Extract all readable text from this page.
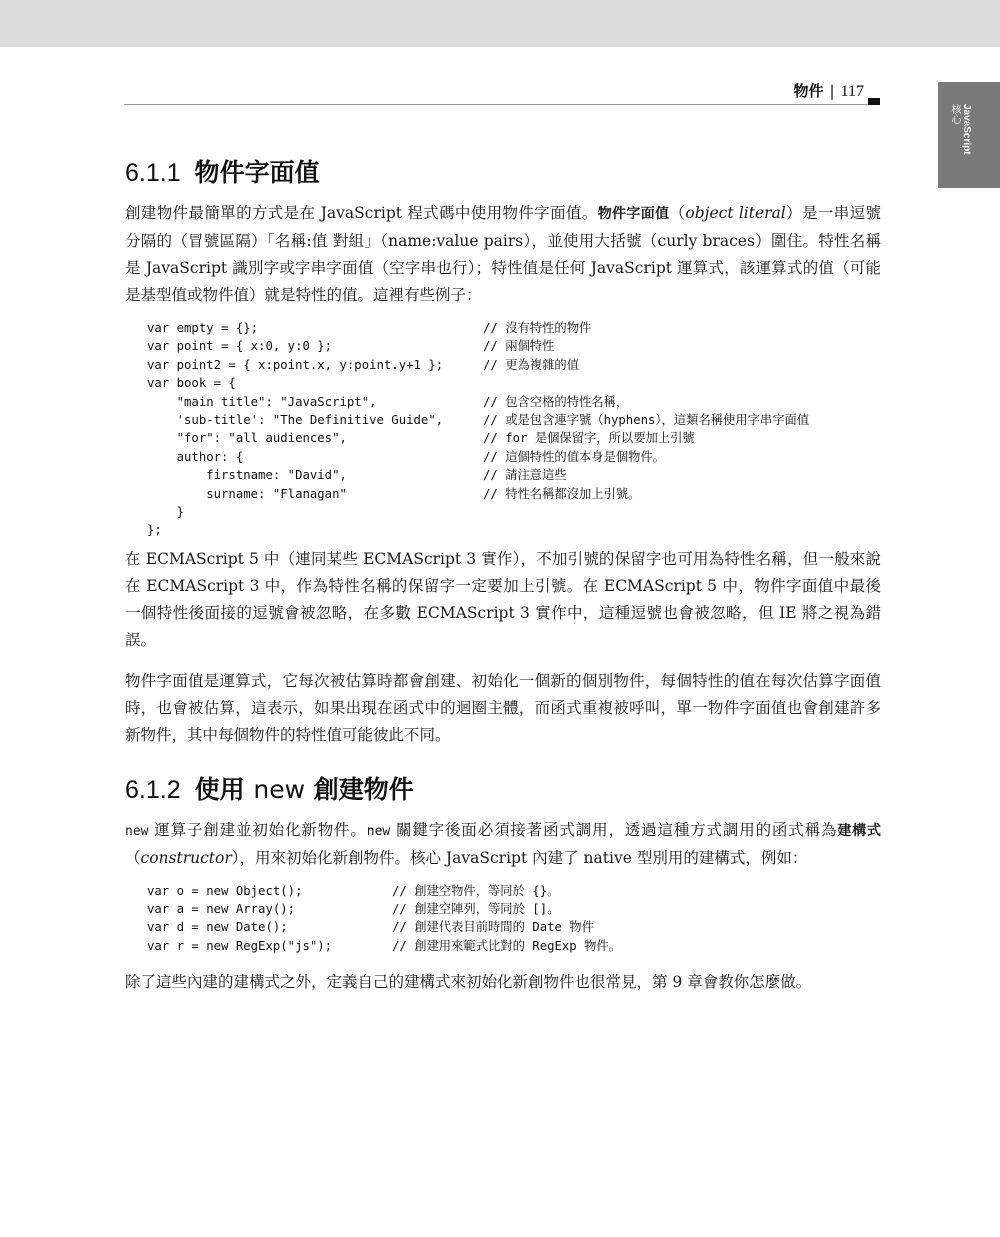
JavaScript
核心
物件 | 117
6.1.1 物件字面值

創建物件最簡單的方式是在 JavaScript 程式碼中使用物件字面值。物件字面值（object literal）是一串逗號分隔的（冒號區隔）「名稱:值 對組」（name:value pairs），並使用大括號（curly braces）圍住。特性名稱是 JavaScript 識別字或字串字面值（空字串也行）；特性值是任何 JavaScript 運算式，該運算式的值（可能是基型值或物件值）就是特性的值。這裡有些例子：

var empty = {};	// 沒有特性的物件
var point = { x:0, y:0 };	// 兩個特性
var point2 = { x:point.x, y:point.y+1 };	// 更為複雜的值
var book = {
"main title": "JavaScript",	// 包含空格的特性名稱，
'sub-title': "The Definitive Guide",	// 或是包含連字號（hyphens），這類名稱使用字串字面值
"for": "all audiences",	// for 是個保留字，所以要加上引號
author: {	// 這個特性的值本身是個物件。
firstname: "David",	// 請注意這些
surname: "Flanagan"	// 特性名稱都沒加上引號。
}
};

在 ECMAScript 5 中（連同某些 ECMAScript 3 實作），不加引號的保留字也可用為特性名稱，但一般來說在 ECMAScript 3 中，作為特性名稱的保留字一定要加上引號。在 ECMAScript 5 中，物件字面值中最後一個特性後面接的逗號會被忽略，在多數 ECMAScript 3 實作中，這種逗號也會被忽略，但 IE 將之視為錯誤。

物件字面值是運算式，它每次被估算時都會創建、初始化一個新的個別物件，每個特性的值在每次估算字面值時，也會被估算，這表示，如果出現在函式中的迴圈主體，而函式重複被呼叫，單一物件字面值也會創建許多新物件，其中每個物件的特性值可能彼此不同。

6.1.2 使用 new 創建物件

new 運算子創建並初始化新物件。new 關鍵字後面必須接著函式調用，透過這種方式調用的函式稱為建構式（constructor），用來初始化新創物件。核心 JavaScript 內建了 native 型別用的建構式，例如：

var o = new Object();	// 創建空物件，等同於 {}。
var a = new Array();	// 創建空陣列，等同於 []。
var d = new Date();	// 創建代表目前時間的 Date 物件
var r = new RegExp("js");	// 創建用來範式比對的 RegExp 物件。

除了這些內建的建構式之外，定義自己的建構式來初始化新創物件也很常見，第 9 章會教你怎麼做。
